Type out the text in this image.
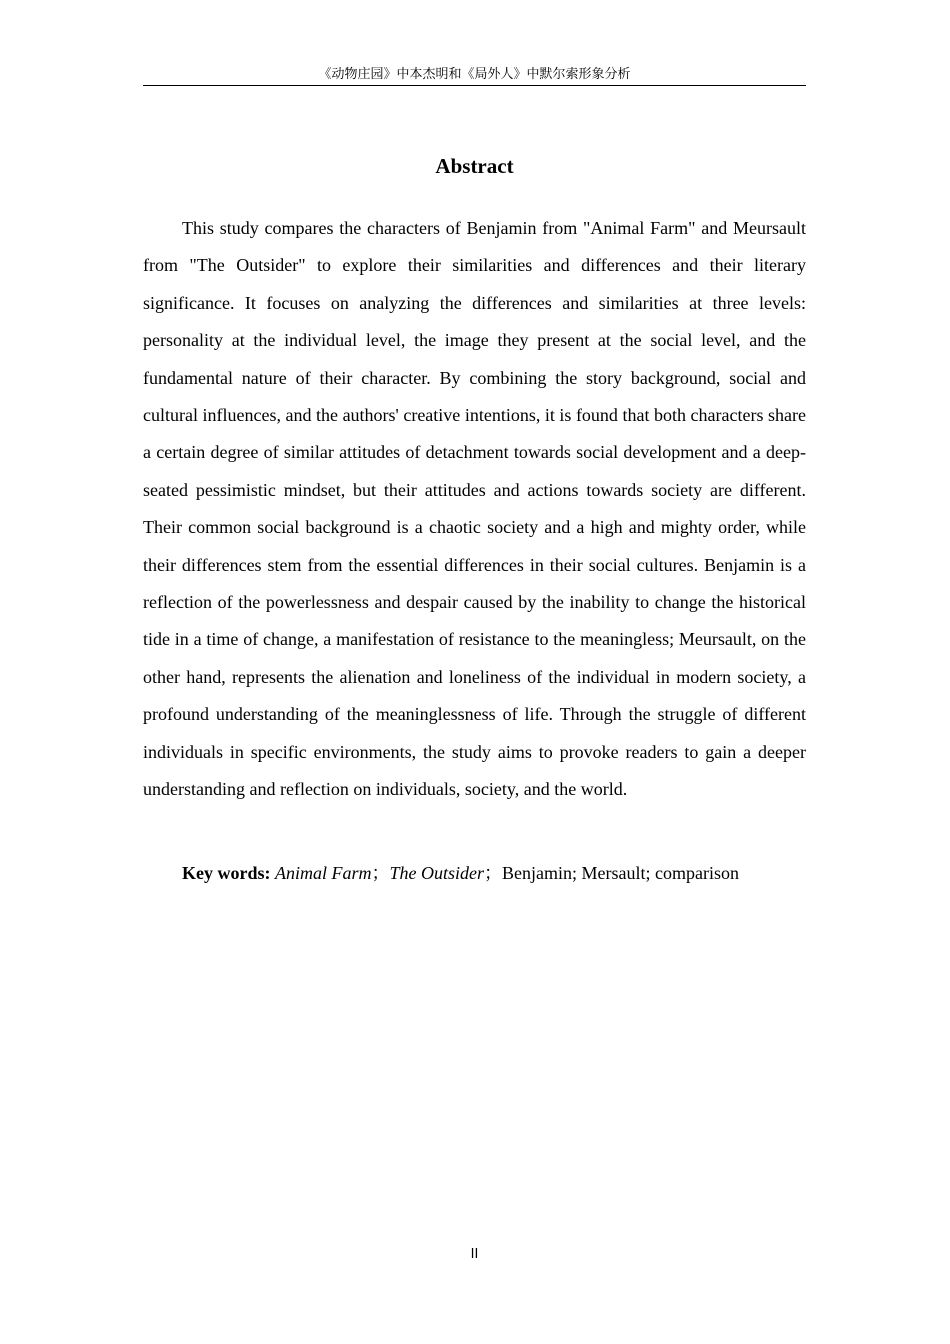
《动物庄园》中本杰明和《局外人》中默尔索形象分析
Abstract

This study compares the characters of Benjamin from "Animal Farm" and Meursault from "The Outsider" to explore their similarities and differences and their literary significance. It focuses on analyzing the differences and similarities at three levels: personality at the individual level, the image they present at the social level, and the fundamental nature of their character. By combining the story background, social and cultural influences, and the authors' creative intentions, it is found that both characters share a certain degree of similar attitudes of detachment towards social development and a deep-seated pessimistic mindset, but their attitudes and actions towards society are different. Their common social background is a chaotic society and a high and mighty order, while their differences stem from the essential differences in their social cultures. Benjamin is a reflection of the powerlessness and despair caused by the inability to change the historical tide in a time of change, a manifestation of resistance to the meaningless; Meursault, on the other hand, represents the alienation and loneliness of the individual in modern society, a profound understanding of the meaninglessness of life. Through the struggle of different individuals in specific environments, the study aims to provoke readers to gain a deeper understanding and reflection on individuals, society, and the world.

Key words: Animal Farm；The Outsider；Benjamin; Mersault; comparison

II
